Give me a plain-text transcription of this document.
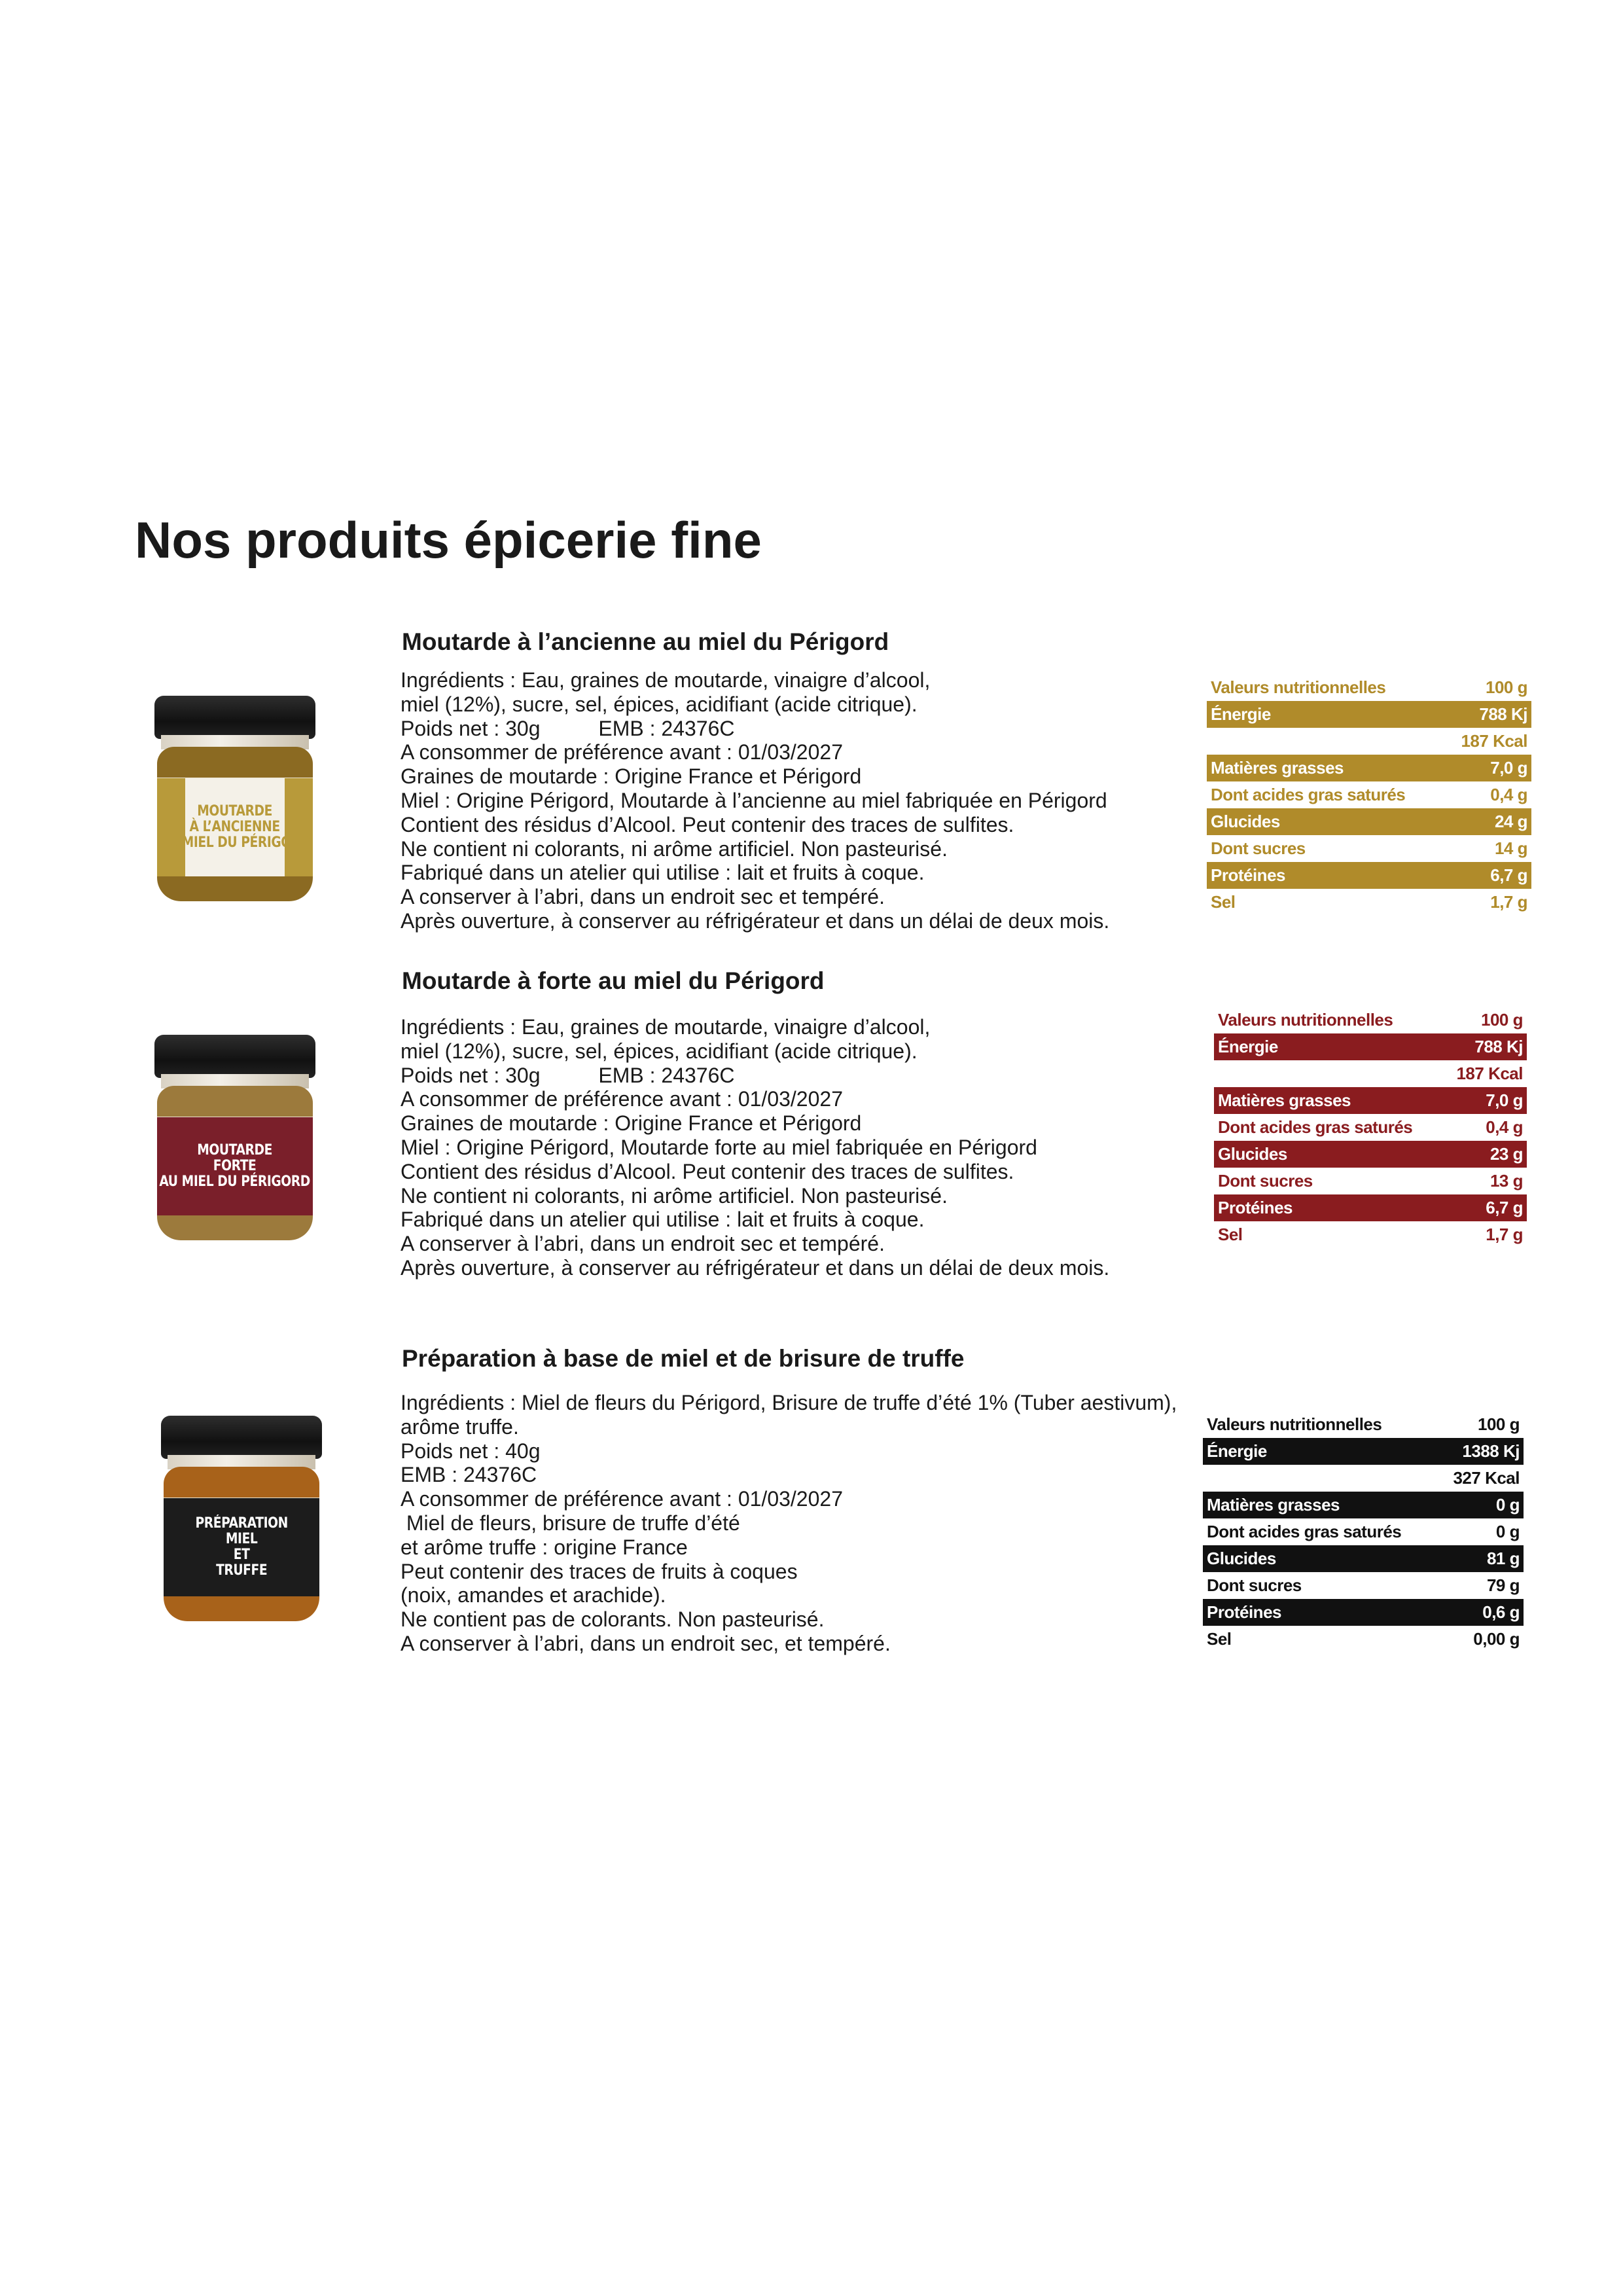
Nos produits épicerie fine
Moutarde à l’ancienne au miel du Périgord
MOUTARDE
À L’ANCIENNE
AU MIEL DU PÉRIGORD
Ingrédients : Eau, graines de moutarde, vinaigre d’alcool,
miel (12%), sucre, sel, épices, acidifiant (acide citrique).
Poids net : 30g          EMB : 24376C
A consommer de préférence avant : 01/03/2027
Graines de moutarde : Origine France et Périgord
Miel : Origine Périgord, Moutarde à l’ancienne au miel fabriquée en Périgord
Contient des résidus d’Alcool. Peut contenir des traces de sulfites.
Ne contient ni colorants, ni arôme artificiel. Non pasteurisé.
Fabriqué dans un atelier qui utilise : lait et fruits à coque.
A conserver à l’abri, dans un endroit sec et tempéré.
Après ouverture, à conserver au réfrigérateur et dans un délai de deux mois.
Valeurs nutritionnelles	100 g
Énergie	788 Kj
	187 Kcal
Matières grasses	7,0 g
Dont acides gras saturés	0,4 g
Glucides	24 g
Dont sucres	14 g
Protéines	6,7 g
Sel	1,7 g
Moutarde à forte au miel du Périgord
MOUTARDE
FORTE
AU MIEL DU PÉRIGORD
Ingrédients : Eau, graines de moutarde, vinaigre d’alcool,
miel (12%), sucre, sel, épices, acidifiant (acide citrique).
Poids net : 30g          EMB : 24376C
A consommer de préférence avant : 01/03/2027
Graines de moutarde : Origine France et Périgord
Miel : Origine Périgord, Moutarde forte au miel fabriquée en Périgord
Contient des résidus d’Alcool. Peut contenir des traces de sulfites.
Ne contient ni colorants, ni arôme artificiel. Non pasteurisé.
Fabriqué dans un atelier qui utilise : lait et fruits à coque.
A conserver à l’abri, dans un endroit sec et tempéré.
Après ouverture, à conserver au réfrigérateur et dans un délai de deux mois.
Valeurs nutritionnelles	100 g
Énergie	788 Kj
	187 Kcal
Matières grasses	7,0 g
Dont acides gras saturés	0,4 g
Glucides	23 g
Dont sucres	13 g
Protéines	6,7 g
Sel	1,7 g
Préparation à base de miel et de brisure de truffe
PRÉPARATION
MIEL
ET
TRUFFE
Ingrédients : Miel de fleurs du Périgord, Brisure de truffe d’été 1% (Tuber aestivum),
arôme truffe.
Poids net : 40g
EMB : 24376C
A consommer de préférence avant : 01/03/2027
Miel de fleurs, brisure de truffe d’été
et arôme truffe : origine France
Peut contenir des traces de fruits à coques
(noix, amandes et arachide).
Ne contient pas de colorants. Non pasteurisé.
A conserver à l’abri, dans un endroit sec, et tempéré.
Valeurs nutritionnelles	100 g
Énergie	1388 Kj
	327 Kcal
Matières grasses	0 g
Dont acides gras saturés	0 g
Glucides	81 g
Dont sucres	79 g
Protéines	0,6 g
Sel	0,00 g
